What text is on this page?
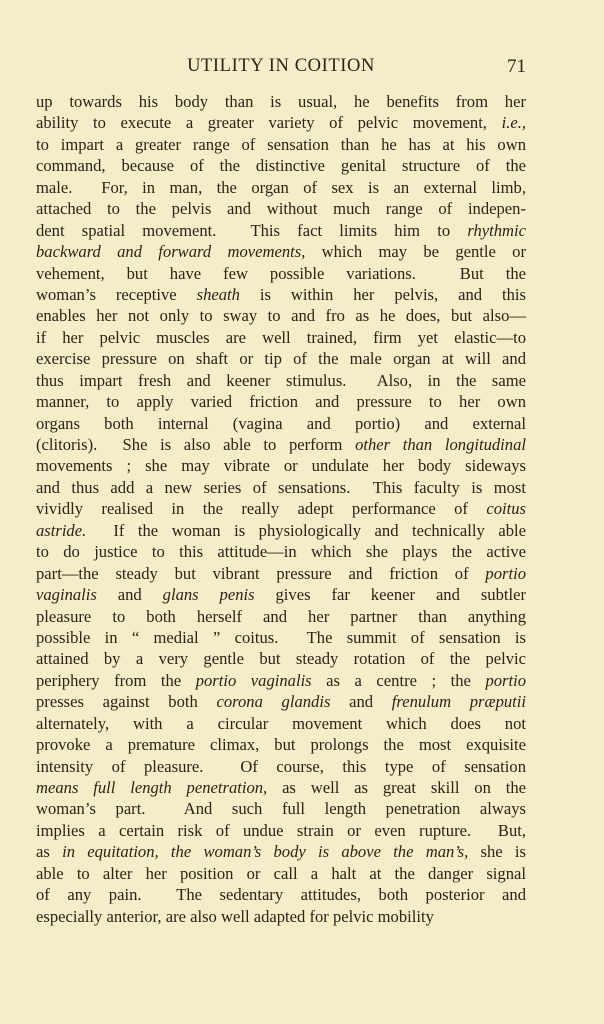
UTILITY IN COITION	71
up towards his body than is usual, he benefits from her
ability to execute a greater variety of pelvic movement, i.e.,
to impart a greater range of sensation than he has at his own
command, because of the distinctive genital structure of the
male.  For, in man, the organ of sex is an external limb,
attached to the pelvis and without much range of indepen-
dent spatial movement.  This fact limits him to rhythmic
backward and forward movements, which may be gentle or
vehement, but have few possible variations.  But the
woman’s receptive sheath is within her pelvis, and this
enables her not only to sway to and fro as he does, but also—
if her pelvic muscles are well trained, firm yet elastic—to
exercise pressure on shaft or tip of the male organ at will and
thus impart fresh and keener stimulus.  Also, in the same
manner, to apply varied friction and pressure to her own
organs both internal (vagina and portio) and external
(clitoris).  She is also able to perform other than longitudinal
movements ; she may vibrate or undulate her body sideways
and thus add a new series of sensations.  This faculty is most
vividly realised in the really adept performance of coitus
astride.  If the woman is physiologically and technically able
to do justice to this attitude—in which she plays the active
part—the steady but vibrant pressure and friction of portio
vaginalis and glans penis gives far keener and subtler
pleasure to both herself and her partner than anything
possible in “ medial ” coitus.  The summit of sensation is
attained by a very gentle but steady rotation of the pelvic
periphery from the portio vaginalis as a centre ; the portio
presses against both corona glandis and frenulum præputii
alternately, with a circular movement which does not
provoke a premature climax, but prolongs the most exquisite
intensity of pleasure.  Of course, this type of sensation
means full length penetration, as well as great skill on the
woman’s part.  And such full length penetration always
implies a certain risk of undue strain or even rupture.  But,
as in equitation, the woman’s body is above the man’s, she is
able to alter her position or call a halt at the danger signal
of any pain.  The sedentary attitudes, both posterior and
especially anterior, are also well adapted for pelvic mobility
